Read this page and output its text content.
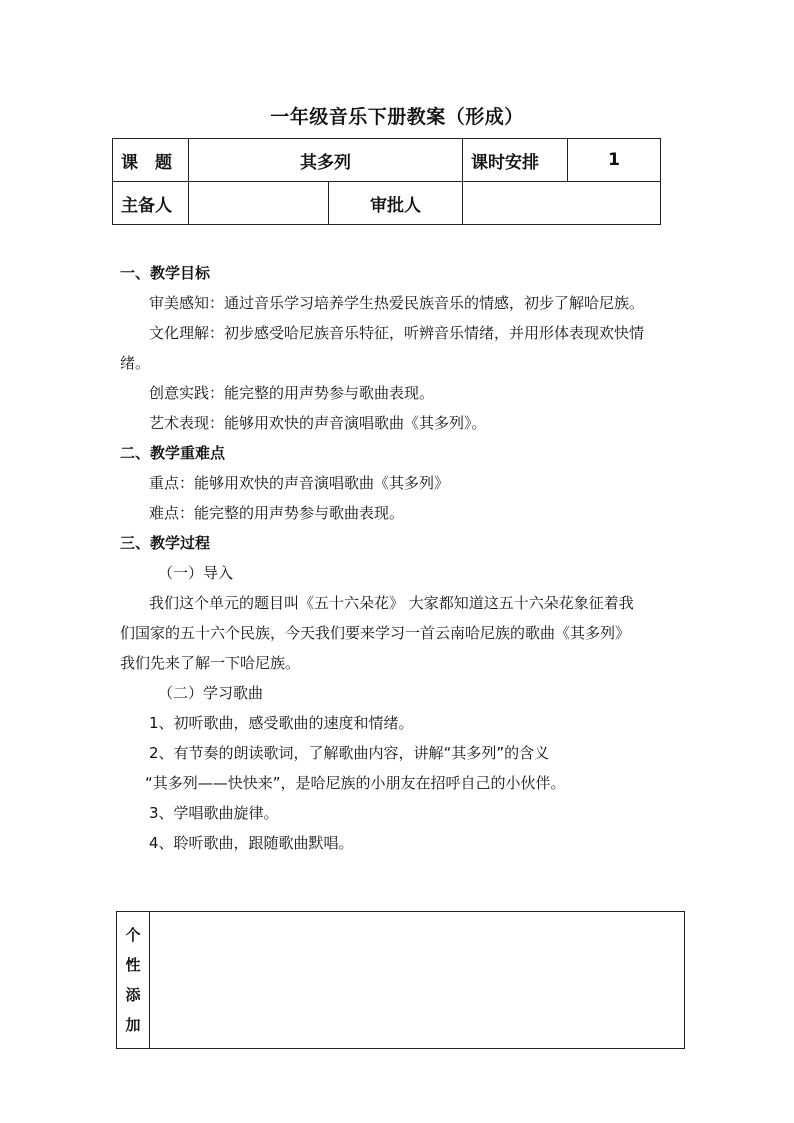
一年级音乐下册教案（形成）
课　题	其多列		课时安排	1
主备人		审批人		
一、教学目标
审美感知：通过音乐学习培养学生热爱民族音乐的情感，初步了解哈尼族。
文化理解：初步感受哈尼族音乐特征，听辨音乐情绪，并用形体表现欢快情
绪。
创意实践：能完整的用声势参与歌曲表现。
艺术表现：能够用欢快的声音演唱歌曲《其多列》。
二、教学重难点
重点：能够用欢快的声音演唱歌曲《其多列》
难点：能完整的用声势参与歌曲表现。
三、教学过程
（一）导入
我们这个单元的题目叫《五十六朵花》 大家都知道这五十六朵花象征着我
们国家的五十六个民族，今天我们要来学习一首云南哈尼族的歌曲《其多列》
我们先来了解一下哈尼族。
（二）学习歌曲
1、初听歌曲，感受歌曲的速度和情绪。
2、有节奏的朗读歌词，了解歌曲内容，讲解“其多列”的含义
“其多列——快快来”，是哈尼族的小朋友在招呼自己的小伙伴。
3、学唱歌曲旋律。
4、聆听歌曲，跟随歌曲默唱。
个
性
添
加
